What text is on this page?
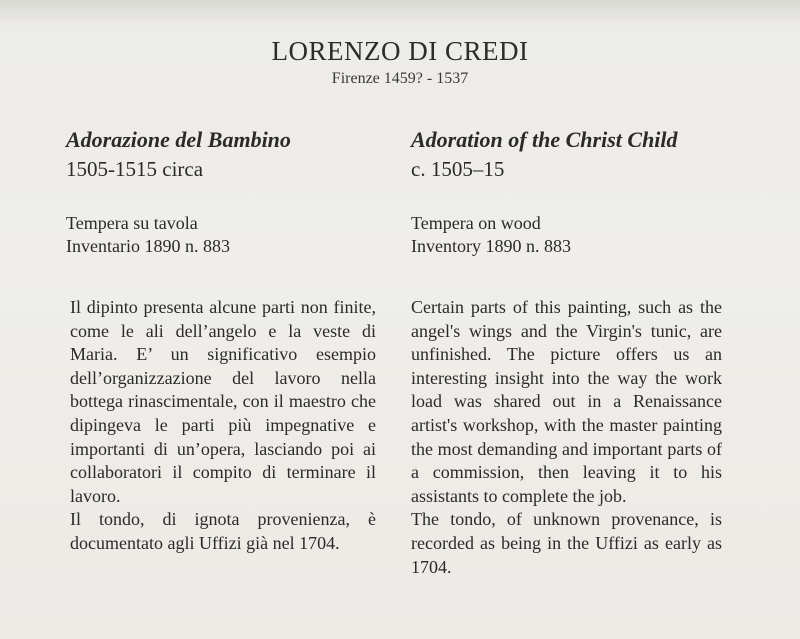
LORENZO DI CREDI
Firenze 1459? - 1537
Adorazione del Bambino
1505-1515 circa
Tempera su tavola
Inventario 1890 n. 883
Adoration of the Christ Child
c. 1505–15
Tempera on wood
Inventory 1890 n. 883

Il dipinto presenta alcune parti non finite, come le ali dell’angelo e la veste di Maria. E’ un significativo esempio dell’organizzazione del lavoro nella bottega rinascimentale, con il maestro che dipingeva le parti più impegnative e importanti di un’opera, lasciando poi ai collaboratori il compito di terminare il lavoro.

Il tondo, di ignota provenienza, è documentato agli Uffizi già nel 1704.

Certain parts of this painting, such as the angel's wings and the Virgin's tunic, are unfinished. The picture offers us an interesting insight into the way the work load was shared out in a Renaissance artist's workshop, with the master painting the most demanding and important parts of a commission, then leaving it to his assistants to complete the job.

The tondo, of unknown provenance, is recorded as being in the Uffizi as early as 1704.
